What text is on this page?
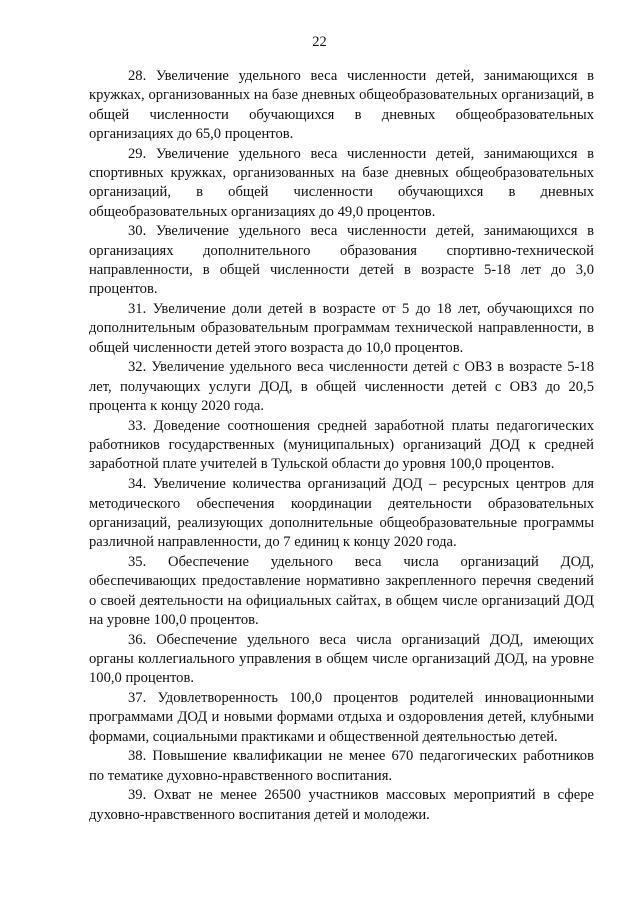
22

28. Увеличение удельного веса численности детей, занимающихся в кружках, организованных на базе дневных общеобразовательных организаций, в общей численности обучающихся в дневных общеобразовательных организациях до 65,0 процентов.

29. Увеличение удельного веса численности детей, занимающихся в спортивных кружках, организованных на базе дневных общеобразовательных организаций, в общей численности обучающихся в дневных общеобразовательных организациях до 49,0 процентов.

30. Увеличение удельного веса численности детей, занимающихся в организациях дополнительного образования спортивно-технической направленности, в общей численности детей в возрасте 5-18 лет до 3,0 процентов.

31. Увеличение доли детей в возрасте от 5 до 18 лет, обучающихся по дополнительным образовательным программам технической направленности, в общей численности детей этого возраста до 10,0 процентов.

32. Увеличение удельного веса численности детей с ОВЗ в возрасте 5-18 лет, получающих услуги ДОД, в общей численности детей с ОВЗ до 20,5 процента к концу 2020 года.

33. Доведение соотношения средней заработной платы педагогических работников государственных (муниципальных) организаций ДОД к средней заработной плате учителей в Тульской области до уровня 100,0 процентов.

34. Увеличение количества организаций ДОД – ресурсных центров для методического обеспечения координации деятельности образовательных организаций, реализующих дополнительные общеобразовательные программы различной направленности, до 7 единиц к концу 2020 года.

35. Обеспечение удельного веса числа организаций ДОД, обеспечивающих предоставление нормативно закрепленного перечня сведений о своей деятельности на официальных сайтах, в общем числе организаций ДОД на уровне 100,0 процентов.

36. Обеспечение удельного веса числа организаций ДОД, имеющих органы коллегиального управления в общем числе организаций ДОД, на уровне 100,0 процентов.

37. Удовлетворенность 100,0 процентов родителей инновационными программами ДОД и новыми формами отдыха и оздоровления детей, клубными формами, социальными практиками и общественной деятельностью детей.

38. Повышение квалификации не менее 670 педагогических работников по тематике духовно-нравственного воспитания.

39. Охват не менее 26500 участников массовых мероприятий в сфере духовно-нравственного воспитания детей и молодежи.
